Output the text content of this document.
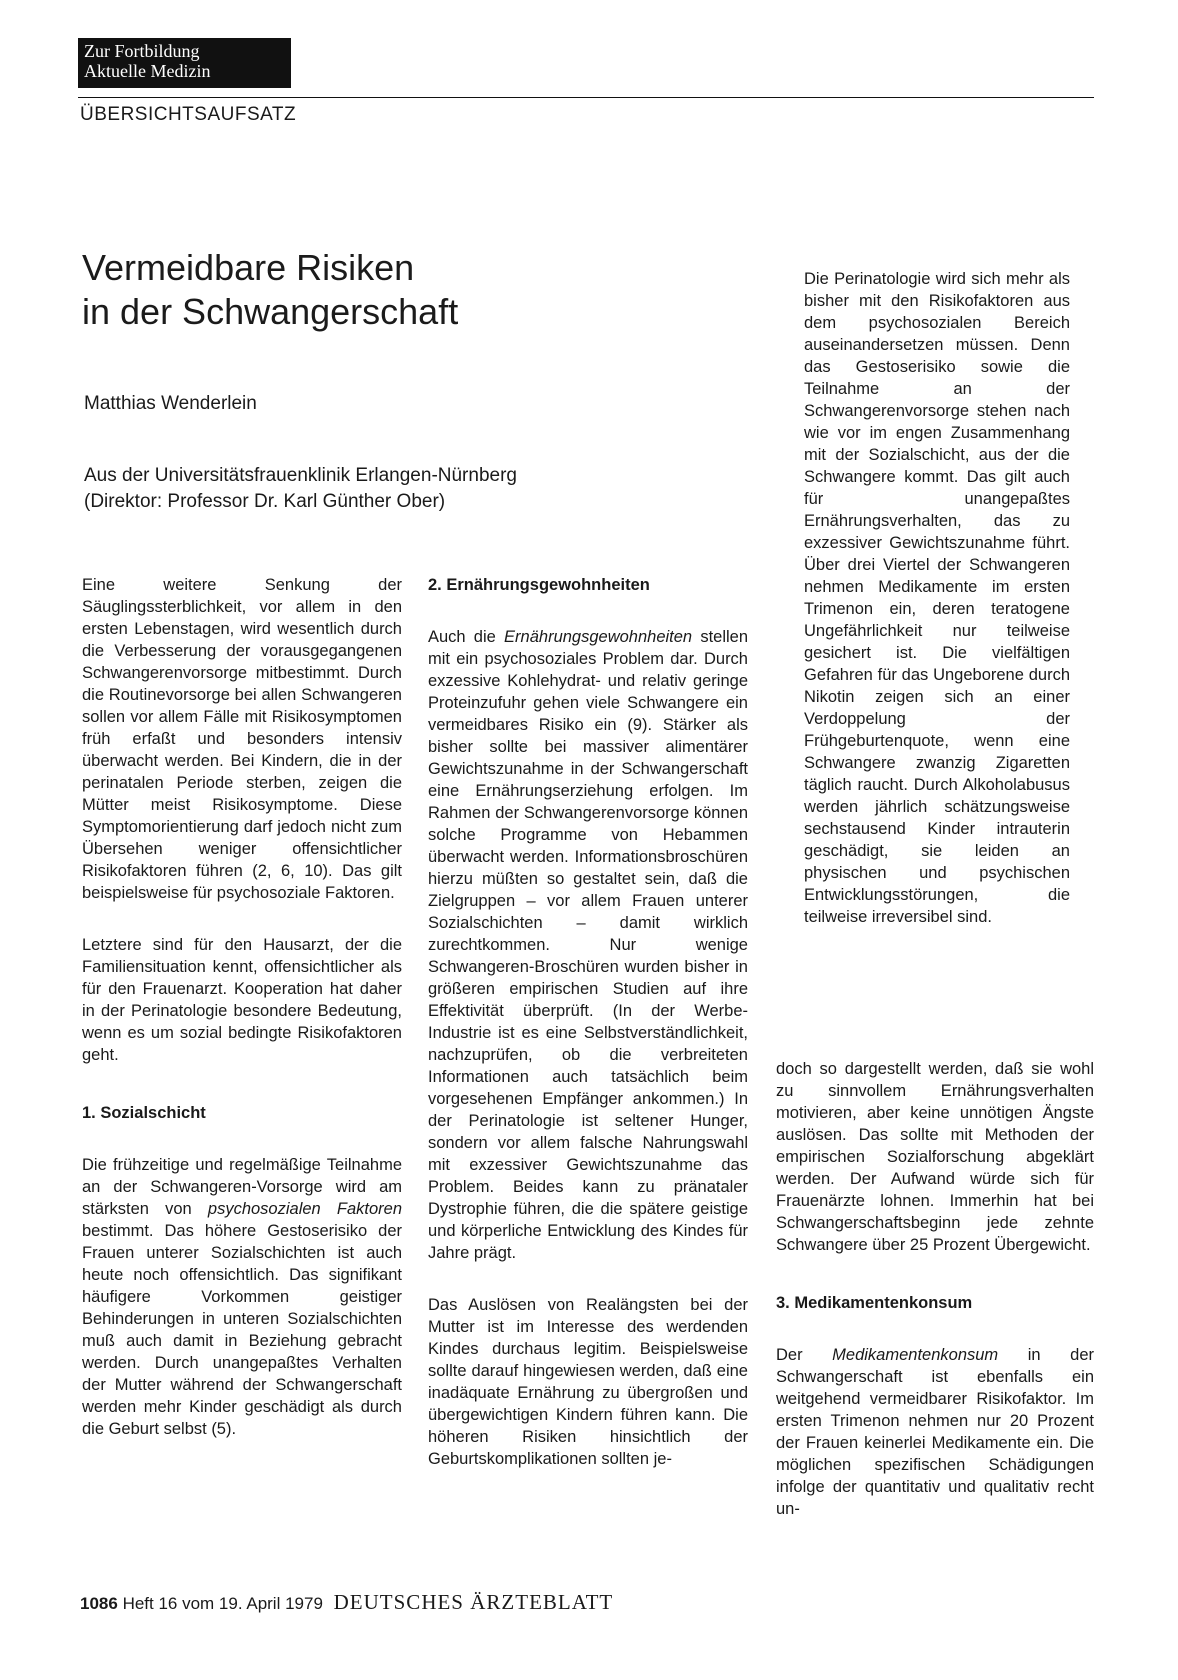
Zur Fortbildung
Aktuelle Medizin
ÜBERSICHTSAUFSATZ
Vermeidbare Risiken
in der Schwangerschaft
Matthias Wenderlein
Aus der Universitätsfrauenklinik Erlangen-Nürnberg
(Direktor: Professor Dr. Karl Günther Ober)

Eine weitere Senkung der Säuglingssterblichkeit, vor allem in den ersten Lebenstagen, wird wesentlich durch die Verbesserung der vorausgegangenen Schwangerenvorsorge mitbestimmt. Durch die Routinevorsorge bei allen Schwangeren sollen vor allem Fälle mit Risikosymptomen früh erfaßt und besonders intensiv überwacht werden. Bei Kindern, die in der perinatalen Periode sterben, zeigen die Mütter meist Risikosymptome. Diese Symptomorientierung darf jedoch nicht zum Übersehen weniger offensichtlicher Risikofaktoren führen (2, 6, 10). Das gilt beispielsweise für psychosoziale Faktoren.

Letztere sind für den Hausarzt, der die Familiensituation kennt, offensichtlicher als für den Frauenarzt. Kooperation hat daher in der Perinatologie besondere Bedeutung, wenn es um sozial bedingte Risikofaktoren geht.

1. Sozialschicht

Die frühzeitige und regelmäßige Teilnahme an der Schwangeren-Vorsorge wird am stärksten von psychosozialen Faktoren bestimmt. Das höhere Gestoserisiko der Frauen unterer Sozialschichten ist auch heute noch offensichtlich. Das signifikant häufigere Vorkommen geistiger Behinderungen in unteren Sozialschichten muß auch damit in Beziehung gebracht werden. Durch unangepaßtes Verhalten der Mutter während der Schwangerschaft werden mehr Kinder geschädigt als durch die Geburt selbst (5).

2. Ernährungsgewohnheiten

Auch die Ernährungsgewohnheiten stellen mit ein psychosoziales Problem dar. Durch exzessive Kohlehydrat- und relativ geringe Proteinzufuhr gehen viele Schwangere ein vermeidbares Risiko ein (9). Stärker als bisher sollte bei massiver alimentärer Gewichtszunahme in der Schwangerschaft eine Ernährungserziehung erfolgen. Im Rahmen der Schwangerenvorsorge können solche Programme von Hebammen überwacht werden. Informationsbroschüren hierzu müßten so gestaltet sein, daß die Zielgruppen – vor allem Frauen unterer Sozialschichten – damit wirklich zurechtkommen. Nur wenige Schwangeren-Broschüren wurden bisher in größeren empirischen Studien auf ihre Effektivität überprüft. (In der Werbe-Industrie ist es eine Selbstverständlichkeit, nachzuprüfen, ob die verbreiteten Informationen auch tatsächlich beim vorgesehenen Empfänger ankommen.) In der Perinatologie ist seltener Hunger, sondern vor allem falsche Nahrungswahl mit exzessiver Gewichtszunahme das Problem. Beides kann zu pränataler Dystrophie führen, die die spätere geistige und körperliche Entwicklung des Kindes für Jahre prägt.

Das Auslösen von Realängsten bei der Mutter ist im Interesse des werdenden Kindes durchaus legitim. Beispielsweise sollte darauf hingewiesen werden, daß eine inadäquate Ernährung zu übergroßen und übergewichtigen Kindern führen kann. Die höheren Risiken hinsichtlich der Geburtskomplikationen sollten je-

Die Perinatologie wird sich mehr als bisher mit den Risikofaktoren aus dem psychosozialen Bereich auseinandersetzen müssen. Denn das Gestoserisiko sowie die Teilnahme an der Schwangerenvorsorge stehen nach wie vor im engen Zusammenhang mit der Sozialschicht, aus der die Schwangere kommt. Das gilt auch für unangepaßtes Ernährungsverhalten, das zu exzessiver Gewichtszunahme führt. Über drei Viertel der Schwangeren nehmen Medikamente im ersten Trimenon ein, deren teratogene Ungefährlichkeit nur teilweise gesichert ist. Die vielfältigen Gefahren für das Ungeborene durch Nikotin zeigen sich an einer Verdoppelung der Frühgeburtenquote, wenn eine Schwangere zwanzig Zigaretten täglich raucht. Durch Alkoholabusus werden jährlich schätzungsweise sechstausend Kinder intrauterin geschädigt, sie leiden an physischen und psychischen Entwicklungsstörungen, die teilweise irreversibel sind.

doch so dargestellt werden, daß sie wohl zu sinnvollem Ernährungsverhalten motivieren, aber keine unnötigen Ängste auslösen. Das sollte mit Methoden der empirischen Sozialforschung abgeklärt werden. Der Aufwand würde sich für Frauenärzte lohnen. Immerhin hat bei Schwangerschaftsbeginn jede zehnte Schwangere über 25 Prozent Übergewicht.

3. Medikamentenkonsum

Der Medikamentenkonsum in der Schwangerschaft ist ebenfalls ein weitgehend vermeidbarer Risikofaktor. Im ersten Trimenon nehmen nur 20 Prozent der Frauen keinerlei Medikamente ein. Die möglichen spezifischen Schädigungen infolge der quantitativ und qualitativ recht un-

1086 Heft 16 vom 19. April 1979 DEUTSCHES ÄRZTEBLATT
